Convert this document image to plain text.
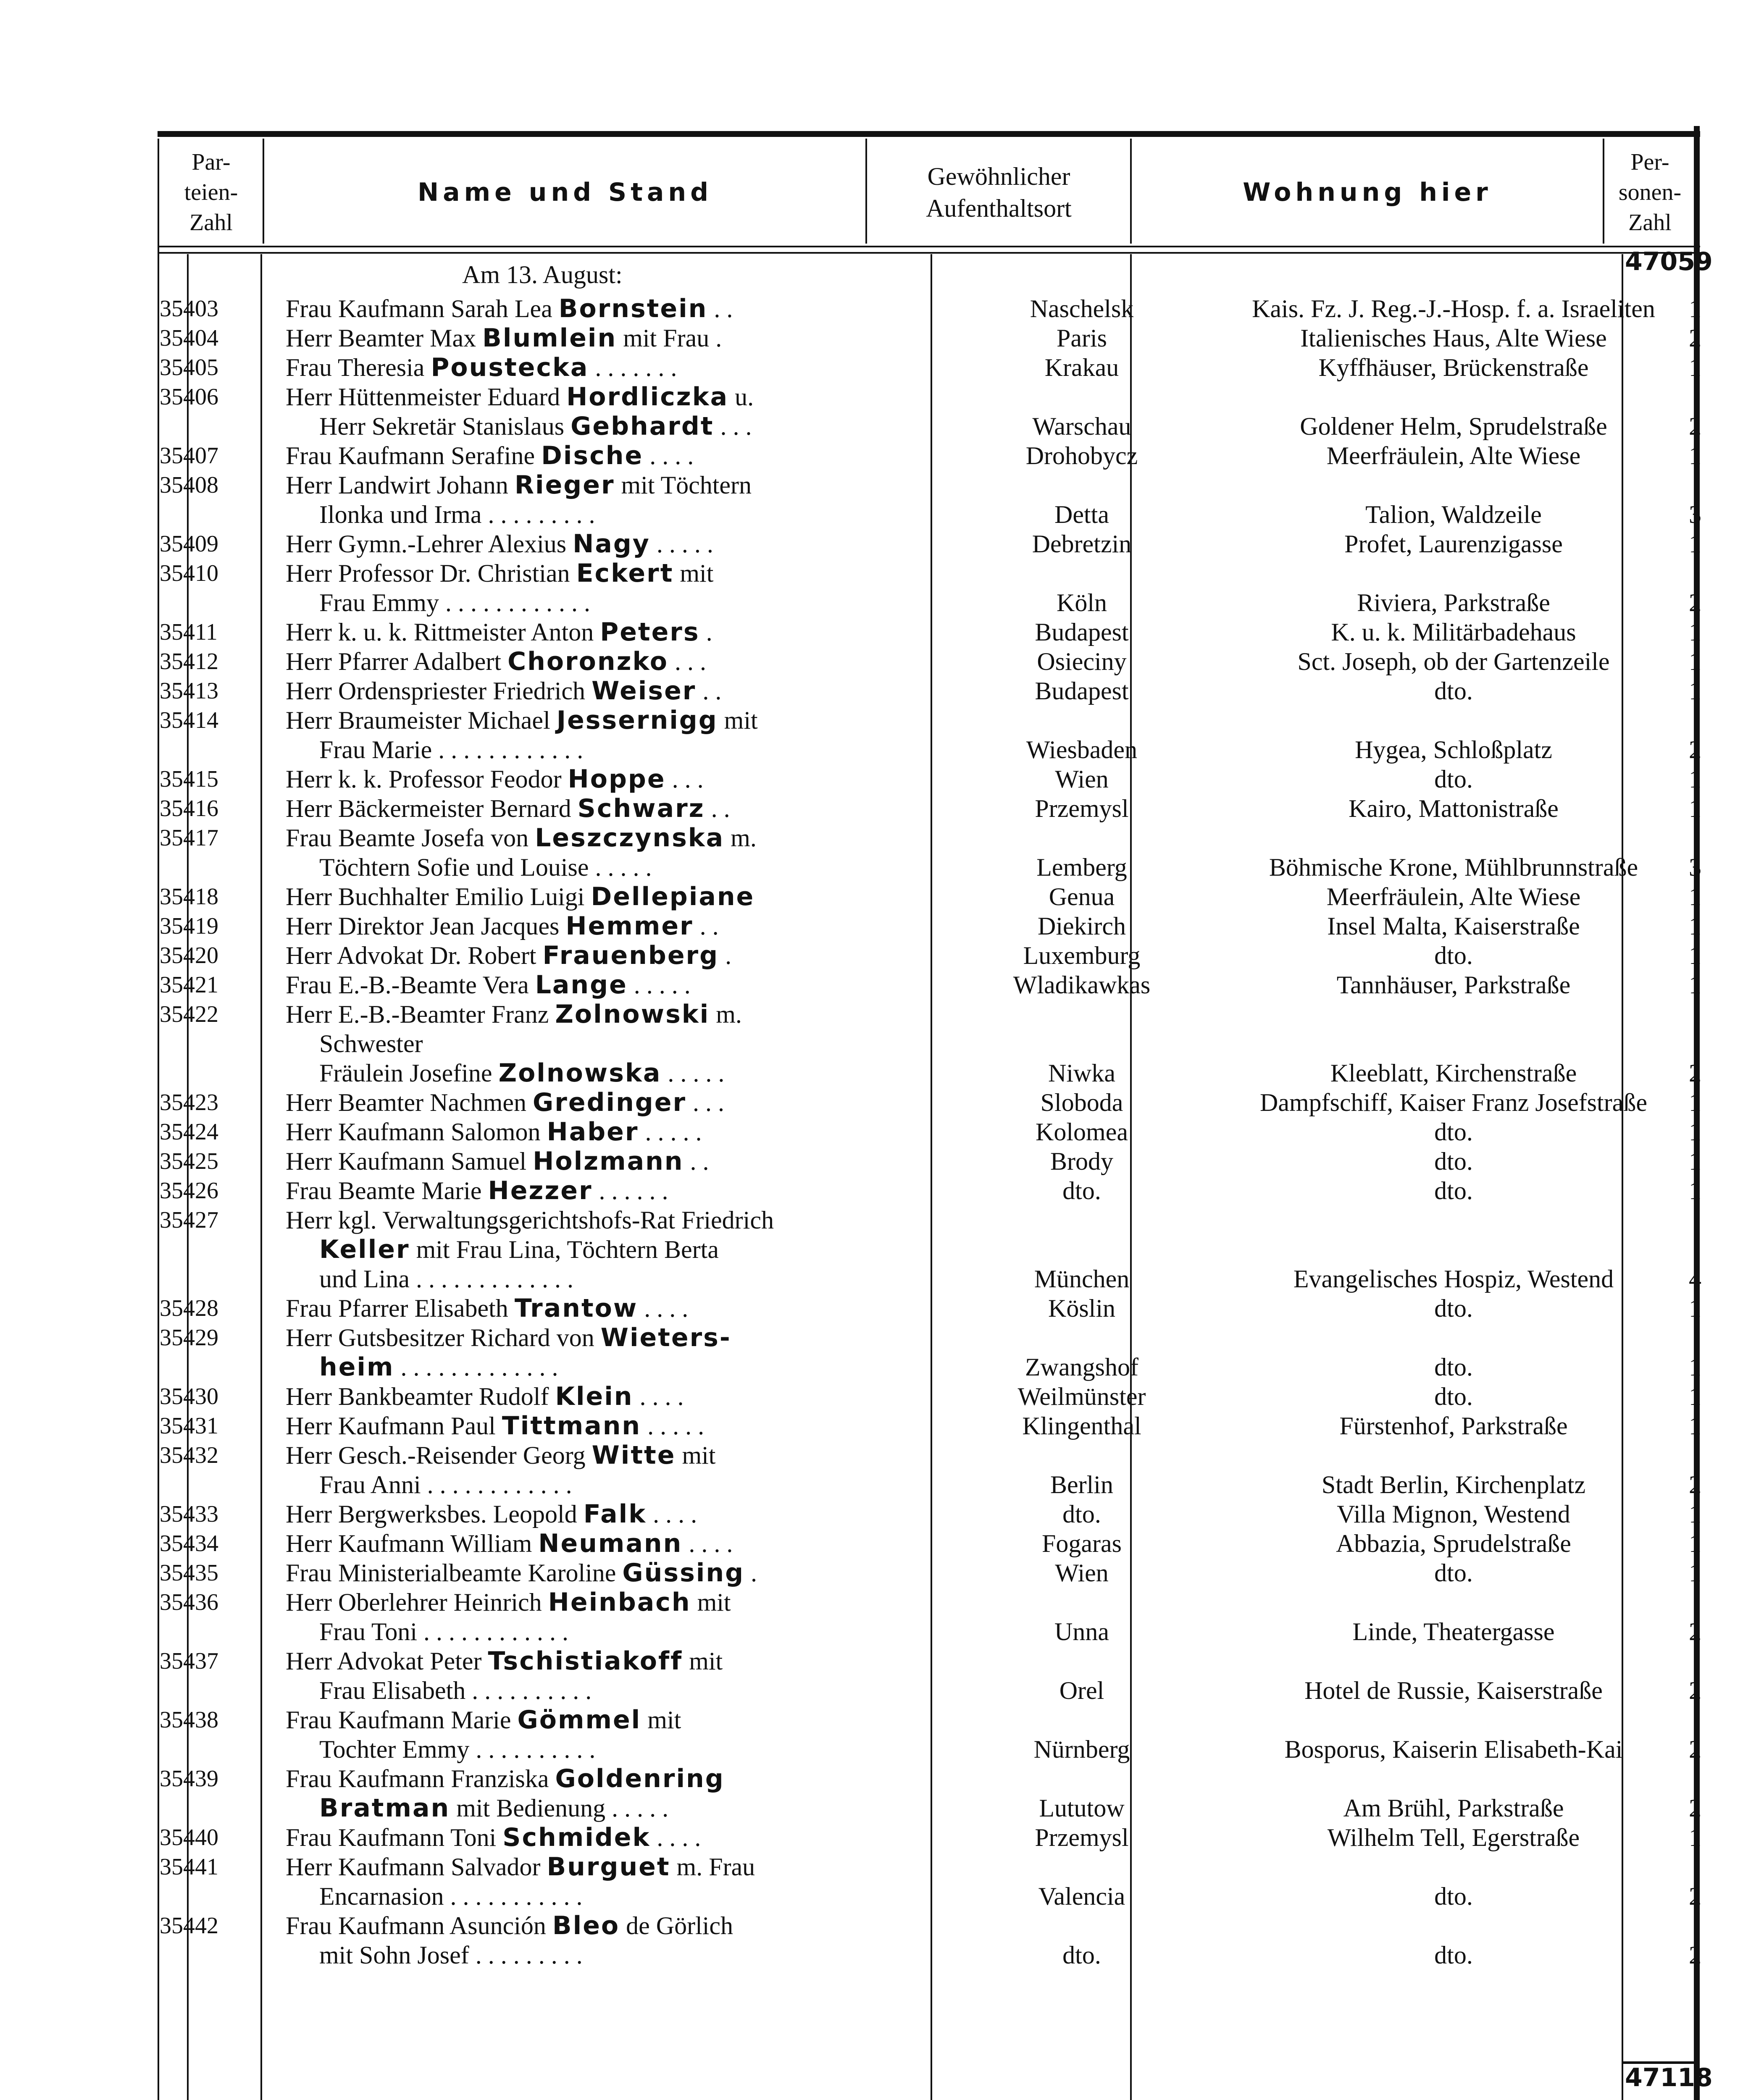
Par-
teien-
Zahl
Name und Stand
Gewöhnlicher
Aufenthaltsort
Wohnung hier
Per-
sonen-
Zahl
47059
Am 13. August:
35403	Frau Kaufmann Sarah Lea Bornstein . .	Naschelsk	Kais. Fz. J. Reg.-J.-Hosp. f. a. Israeliten	1
35404	Herr Beamter Max Blumlein mit Frau .	Paris	Italienisches Haus, Alte Wiese	2
35405	Frau Theresia Poustecka . . . . . . .	Krakau	Kyffhäuser, Brückenstraße	1
35406	Herr Hüttenmeister Eduard Hordliczka u.
Herr Sekretär Stanislaus Gebhardt . . .	Warschau	Goldener Helm, Sprudelstraße	2
35407	Frau Kaufmann Serafine Dische . . . .	Drohobycz	Meerfräulein, Alte Wiese	1
35408	Herr Landwirt Johann Rieger mit Töchtern
Ilonka und Irma . . . . . . . . .	Detta	Talion, Waldzeile	3
35409	Herr Gymn.-Lehrer Alexius Nagy . . . . .	Debretzin	Profet, Laurenzigasse	1
35410	Herr Professor Dr. Christian Eckert mit
Frau Emmy . . . . . . . . . . . .	Köln	Riviera, Parkstraße	2
35411	Herr k. u. k. Rittmeister Anton Peters .	Budapest	K. u. k. Militärbadehaus	1
35412	Herr Pfarrer Adalbert Choronzko . . .	Osieciny	Sct. Joseph, ob der Gartenzeile	1
35413	Herr Ordenspriester Friedrich Weiser . .	Budapest	dto.	1
35414	Herr Braumeister Michael Jessernigg mit
Frau Marie . . . . . . . . . . . .	Wiesbaden	Hygea, Schloßplatz	2
35415	Herr k. k. Professor Feodor Hoppe . . .	Wien	dto.	1
35416	Herr Bäckermeister Bernard Schwarz . .	Przemysl	Kairo, Mattonistraße	1
35417	Frau Beamte Josefa von Leszczynska m.
Töchtern Sofie und Louise . . . . .	Lemberg	Böhmische Krone, Mühlbrunnstraße	3
35418	Herr Buchhalter Emilio Luigi Dellepiane	Genua	Meerfräulein, Alte Wiese	1
35419	Herr Direktor Jean Jacques Hemmer . .	Diekirch	Insel Malta, Kaiserstraße	1
35420	Herr Advokat Dr. Robert Frauenberg .	Luxemburg	dto.	1
35421	Frau E.-B.-Beamte Vera Lange . . . . .	Wladikawkas	Tannhäuser, Parkstraße	1
35422	Herr E.-B.-Beamter Franz Zolnowski m.
Schwester
Fräulein Josefine Zolnowska . . . . .	Niwka	Kleeblatt, Kirchenstraße	2
35423	Herr Beamter Nachmen Gredinger . . .	Sloboda	Dampfschiff, Kaiser Franz Josefstraße	1
35424	Herr Kaufmann Salomon Haber . . . . .	Kolomea	dto.	1
35425	Herr Kaufmann Samuel Holzmann . .	Brody	dto.	1
35426	Frau Beamte Marie Hezzer . . . . . .	dto.	dto.	1
35427	Herr kgl. Verwaltungsgerichtshofs-Rat Friedrich
Keller mit Frau Lina, Töchtern Berta
und Lina . . . . . . . . . . . . .	München	Evangelisches Hospiz, Westend	4
35428	Frau Pfarrer Elisabeth Trantow . . . .	Köslin	dto.	1
35429	Herr Gutsbesitzer Richard von Wieters-
heim . . . . . . . . . . . . .	Zwangshof	dto.	1
35430	Herr Bankbeamter Rudolf Klein . . . .	Weilmünster	dto.	1
35431	Herr Kaufmann Paul Tittmann . . . . .	Klingenthal	Fürstenhof, Parkstraße	1
35432	Herr Gesch.-Reisender Georg Witte mit
Frau Anni . . . . . . . . . . . .	Berlin	Stadt Berlin, Kirchenplatz	2
35433	Herr Bergwerksbes. Leopold Falk . . . .	dto.	Villa Mignon, Westend	1
35434	Herr Kaufmann William Neumann . . . .	Fogaras	Abbazia, Sprudelstraße	1
35435	Frau Ministerialbeamte Karoline Güssing .	Wien	dto.	1
35436	Herr Oberlehrer Heinrich Heinbach mit
Frau Toni . . . . . . . . . . . .	Unna	Linde, Theatergasse	2
35437	Herr Advokat Peter Tschistiakoff mit
Frau Elisabeth . . . . . . . . . .	Orel	Hotel de Russie, Kaiserstraße	2
35438	Frau Kaufmann Marie Gömmel mit
Tochter Emmy . . . . . . . . . .	Nürnberg	Bosporus, Kaiserin Elisabeth-Kai	2
35439	Frau Kaufmann Franziska Goldenring
Bratman mit Bedienung . . . . .	Lututow	Am Brühl, Parkstraße	2
35440	Frau Kaufmann Toni Schmidek . . . .	Przemysl	Wilhelm Tell, Egerstraße	1
35441	Herr Kaufmann Salvador Burguet m. Frau
Encarnasion . . . . . . . . . . .	Valencia	dto.	2
35442	Frau Kaufmann Asunción Bleo de Görlich
mit Sohn Josef . . . . . . . . .	dto.	dto.	2
47118
